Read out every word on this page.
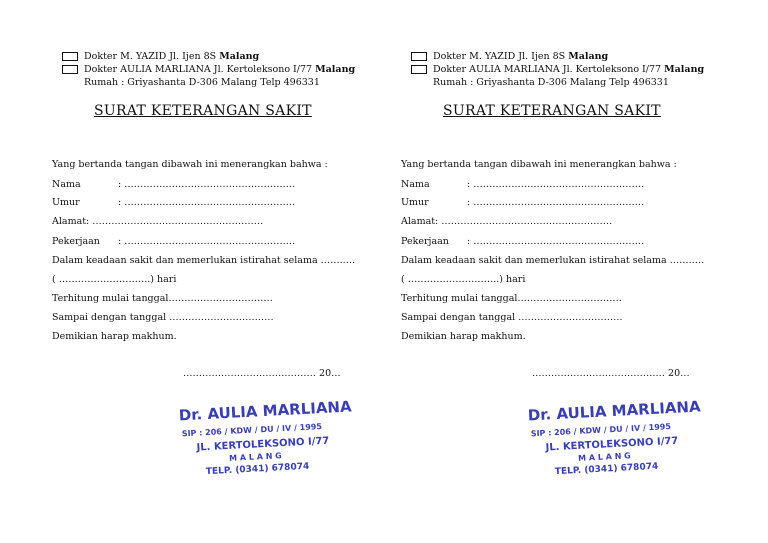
Dokter M. YAZID Jl. Ijen 8S Malang
Dokter AULIA MARLIANA Jl. Kertoleksono I/77 Malang
Rumah : Griyashanta D-306 Malang Telp 496331
SURAT KETERANGAN SAKIT
Yang bertanda tangan dibawah ini menerangkan bahwa :
Nama	: ………………………………………………
Umur	: ………………………………………………
Alamat: ………………………………………………
Pekerjaan : ………………………………………………
Dalam keadaan sakit dan memerlukan istirahat selama ……..…
( ………………………..) hari
Terhitung mulai tanggal……………………………
Sampai dengan tanggal ……………………………
Demikian harap makhum.
…………………………………… 20…
Dr. AULIA MARLIANA
SIP : 206 / KDW / DU / IV / 1995
JL. KERTOLEKSONO I/77
M A L A N G
TELP. (0341) 678074
Dokter M. YAZID Jl. Ijen 8S Malang
Dokter AULIA MARLIANA Jl. Kertoleksono I/77 Malang
Rumah : Griyashanta D-306 Malang Telp 496331
SURAT KETERANGAN SAKIT
Yang bertanda tangan dibawah ini menerangkan bahwa :
Nama	: ………………………………………………
Umur	: ………………………………………………
Alamat: ………………………………………………
Pekerjaan : ………………………………………………
Dalam keadaan sakit dan memerlukan istirahat selama ……..…
( ………………………..) hari
Terhitung mulai tanggal……………………………
Sampai dengan tanggal ……………………………
Demikian harap makhum.
…………………………………… 20…
Dr. AULIA MARLIANA
SIP : 206 / KDW / DU / IV / 1995
JL. KERTOLEKSONO I/77
M A L A N G
TELP. (0341) 678074
